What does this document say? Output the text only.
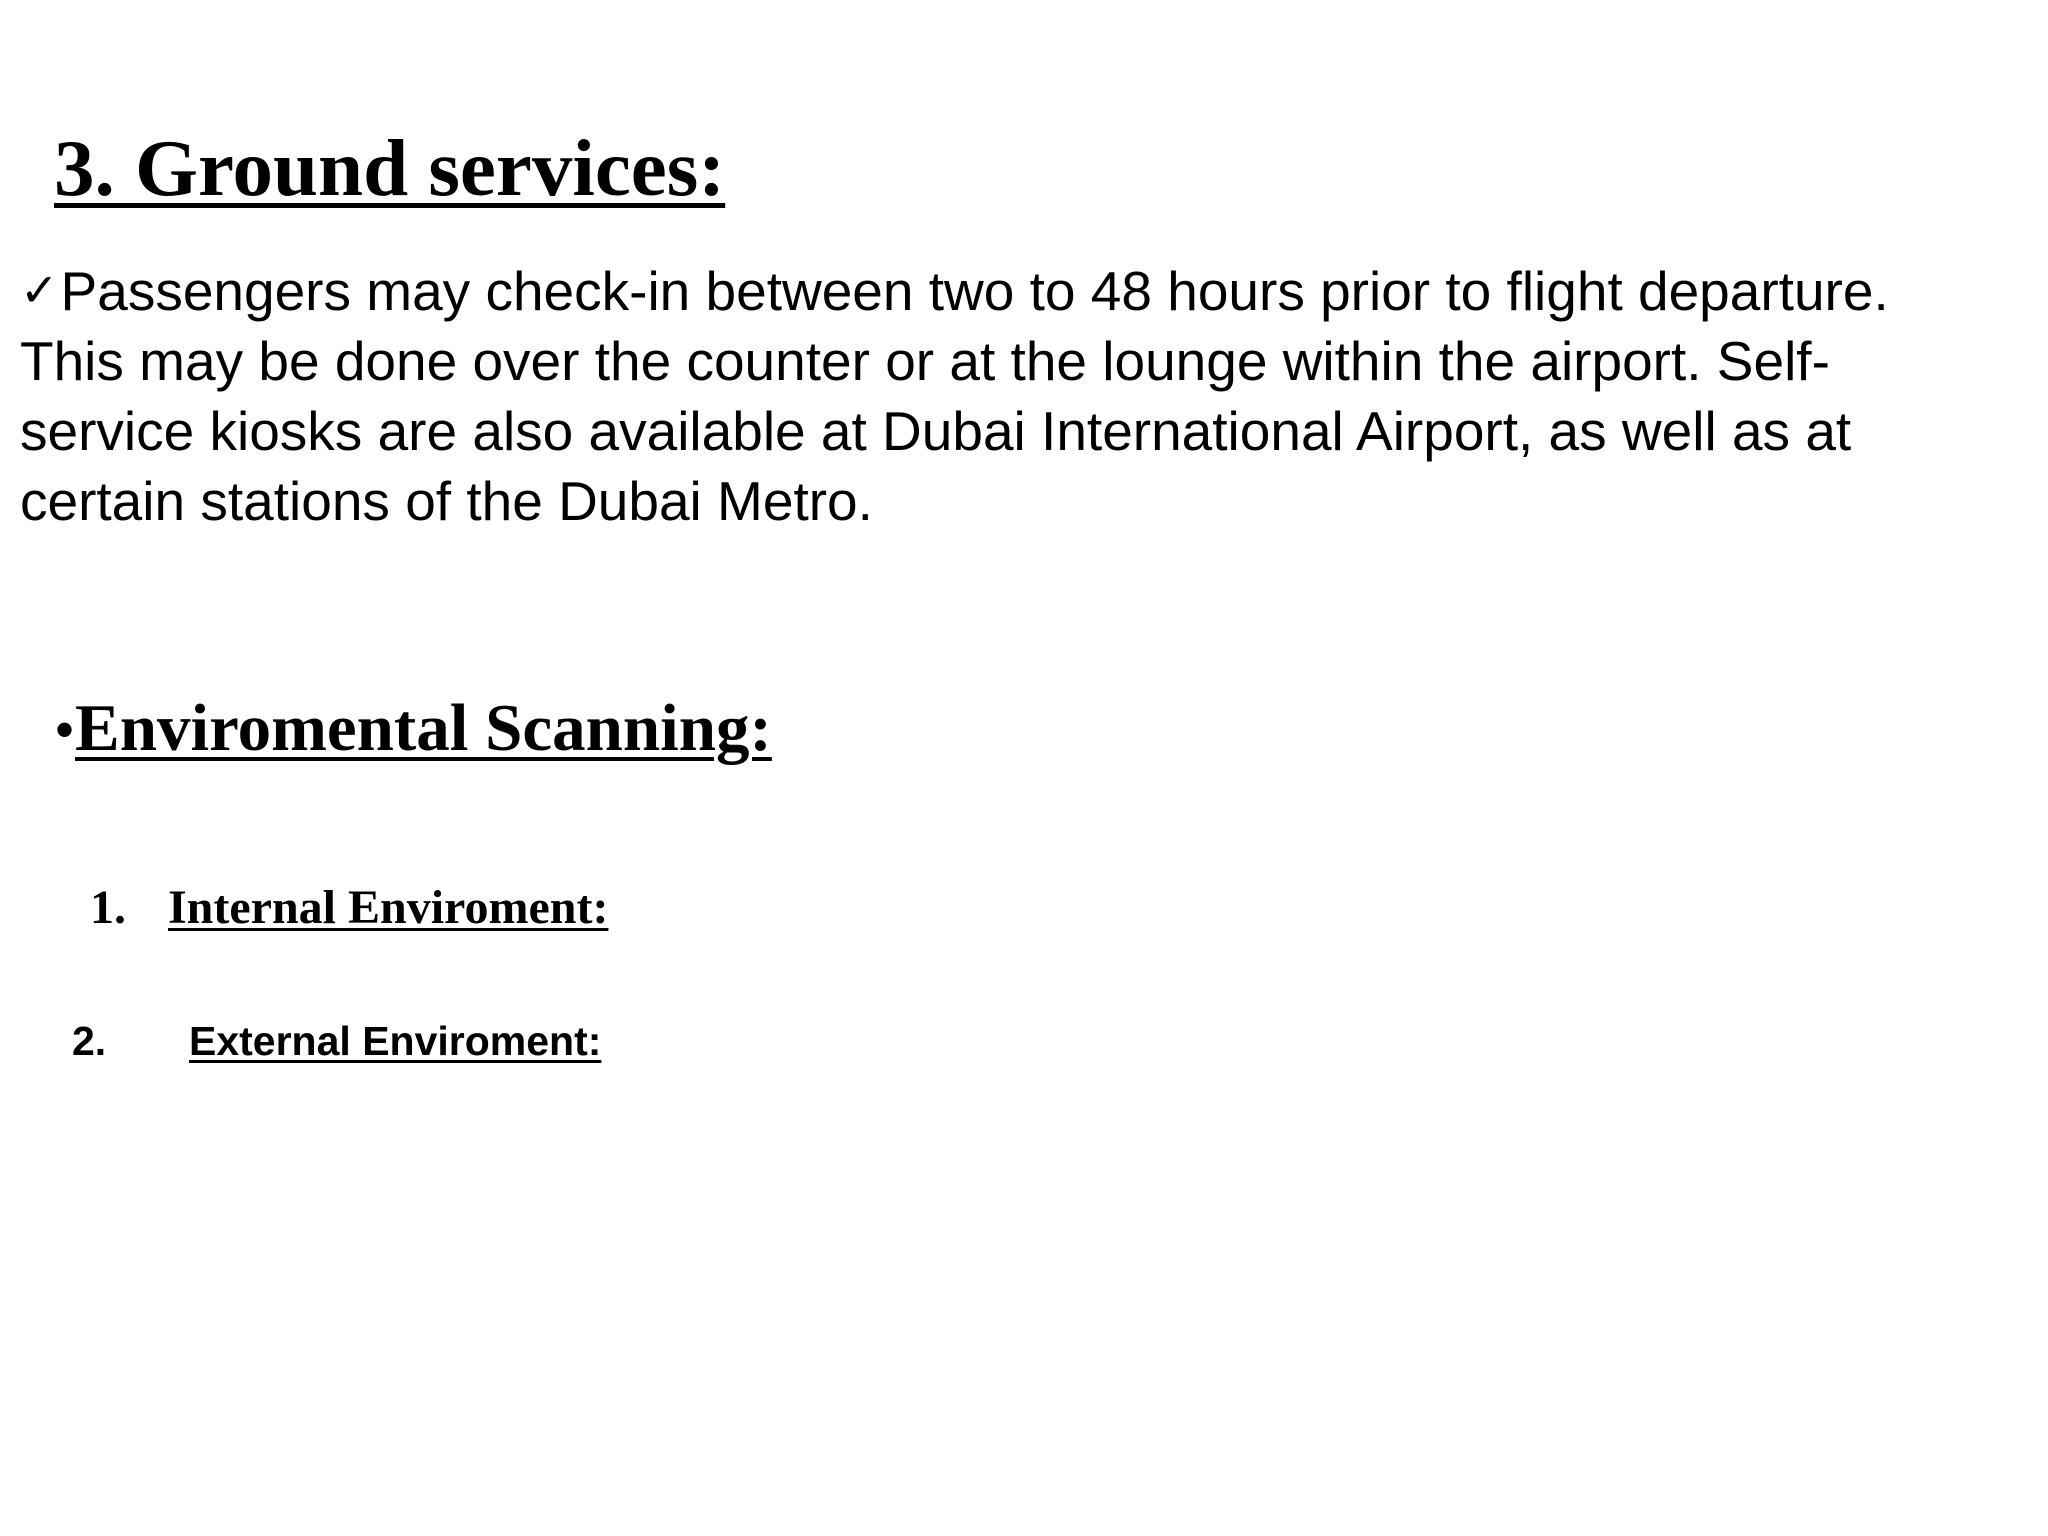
3. Ground services:

✓Passengers may check-in between two to 48 hours prior to flight departure.
This may be done over the counter or at the lounge within the airport. Self-
service kiosks are also available at Dubai International Airport, as well as at
certain stations of the Dubai Metro.

•Enviromental Scanning:
1. Internal Enviroment:
2. External Enviroment:
